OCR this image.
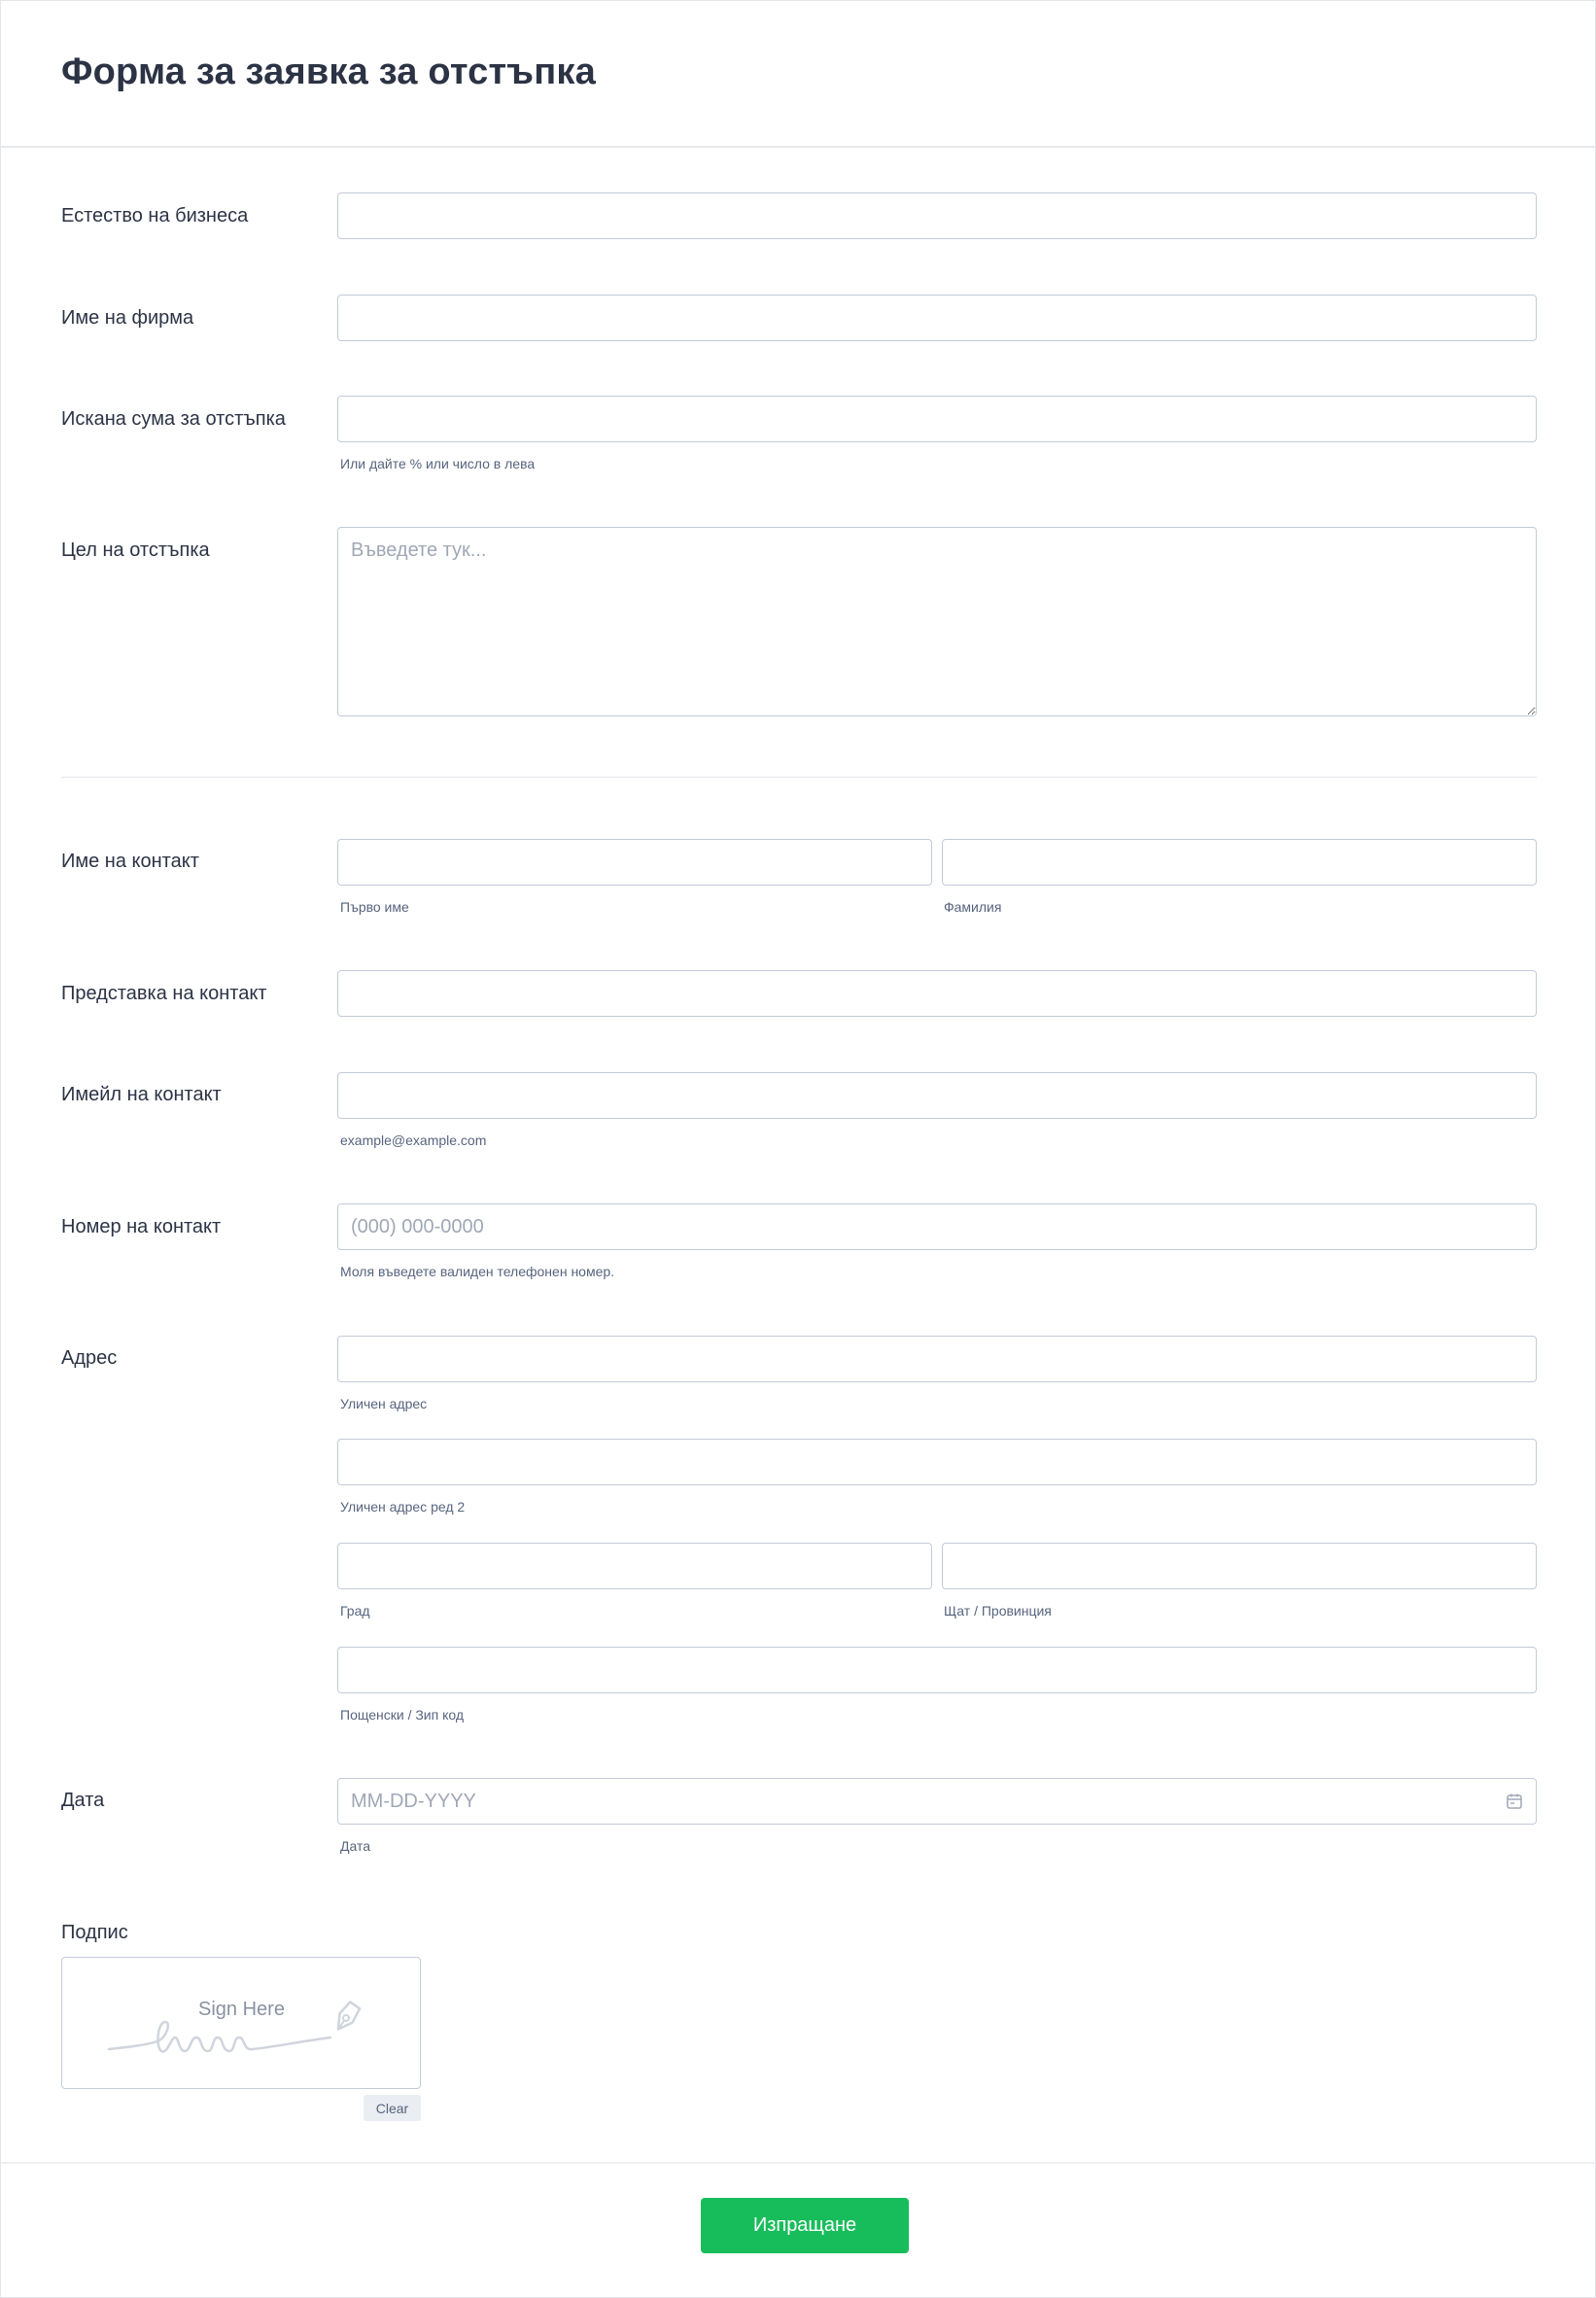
Форма за заявка за отстъпка
Естество на бизнеса
Име на фирма
Искана сума за отстъпка
Или дайте % или число в лева
Цел на отстъпка
Въведете тук...
Име на контакт
Първо име	Фамилия
Представка на контакт
Имейл на контакт
example@example.com
Номер на контакт
(000) 000-0000
Моля въведете валиден телефонен номер.
Адрес
Уличен адрес
Уличен адрес ред 2
Град	Щат / Провинция
Пощенски / Зип код
Дата
MM-DD-YYYY
Дата
Подпис
Sign Here
Clear
Изпращане
